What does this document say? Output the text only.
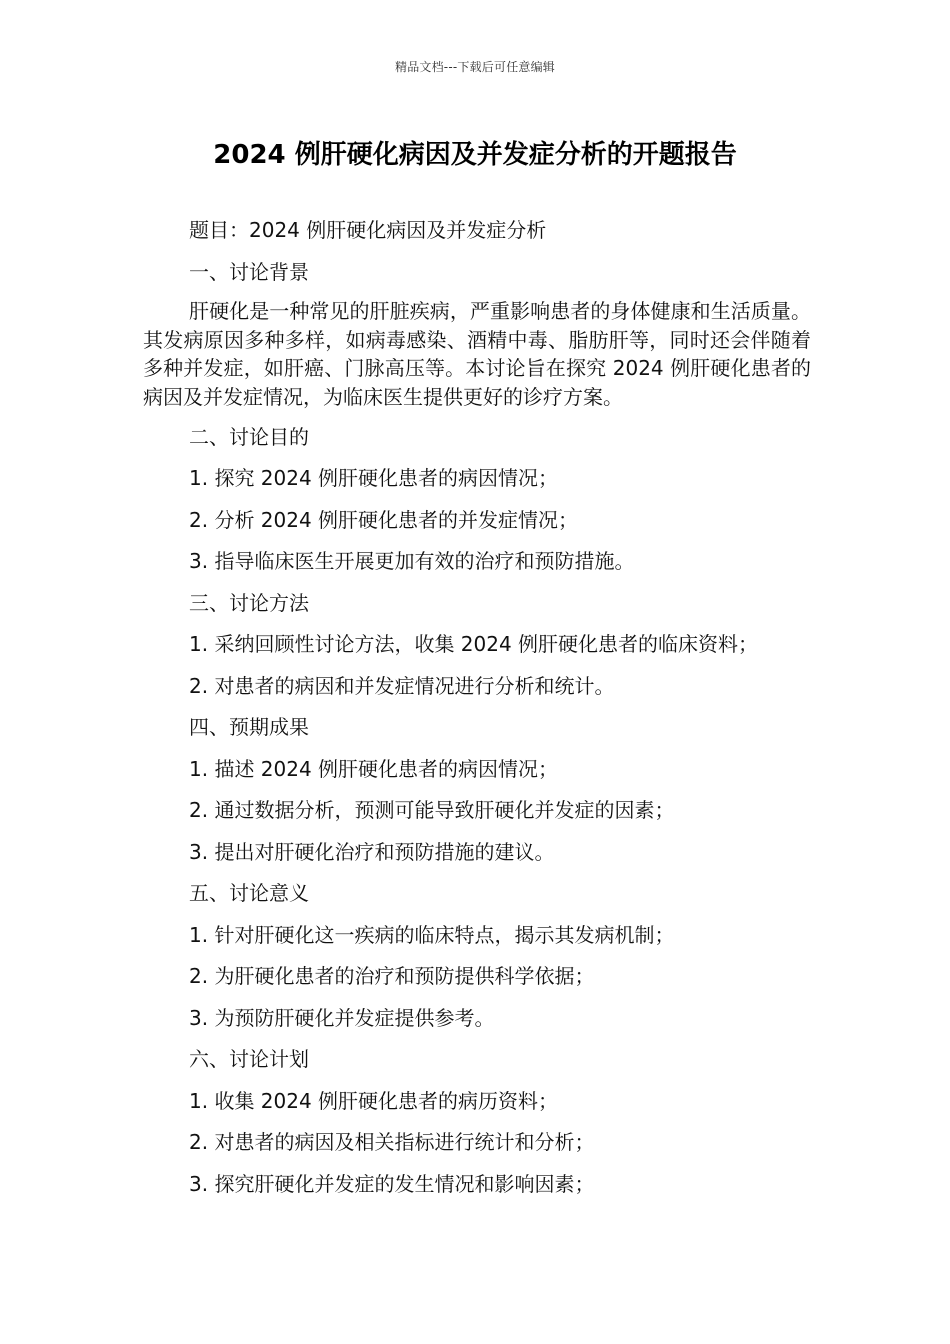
精品文档---下载后可任意编辑
2024 例肝硬化病因及并发症分析的开题报告

题目：2024 例肝硬化病因及并发症分析

一、讨论背景

肝硬化是一种常见的肝脏疾病，严重影响患者的身体健康和生活质量。其发病原因多种多样，如病毒感染、酒精中毒、脂肪肝等，同时还会伴随着多种并发症，如肝癌、门脉高压等。本讨论旨在探究 2024 例肝硬化患者的病因及并发症情况，为临床医生提供更好的诊疗方案。

二、讨论目的

1. 探究 2024 例肝硬化患者的病因情况；

2. 分析 2024 例肝硬化患者的并发症情况；

3. 指导临床医生开展更加有效的治疗和预防措施。

三、讨论方法

1. 采纳回顾性讨论方法，收集 2024 例肝硬化患者的临床资料；

2. 对患者的病因和并发症情况进行分析和统计。

四、预期成果

1. 描述 2024 例肝硬化患者的病因情况；

2. 通过数据分析，预测可能导致肝硬化并发症的因素；

3. 提出对肝硬化治疗和预防措施的建议。

五、讨论意义

1. 针对肝硬化这一疾病的临床特点，揭示其发病机制；

2. 为肝硬化患者的治疗和预防提供科学依据；

3. 为预防肝硬化并发症提供参考。

六、讨论计划

1. 收集 2024 例肝硬化患者的病历资料；

2. 对患者的病因及相关指标进行统计和分析；

3. 探究肝硬化并发症的发生情况和影响因素；
